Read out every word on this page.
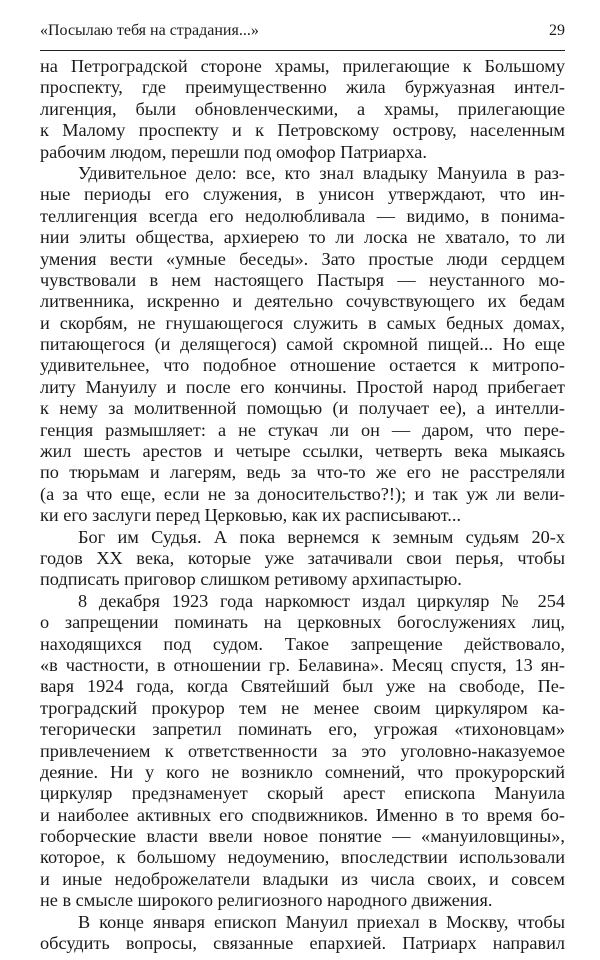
«Посылаю тебя на страдания...»	29
на Петроградской стороне храмы, прилегающие к Большому
проспекту, где преимущественно жила буржуазная интел-
лигенция, были обновленческими, а храмы, прилегающие
к Малому проспекту и к Петровскому острову, населенным
рабочим людом, перешли под омофор Патриарха.
Удивительное дело: все, кто знал владыку Мануила в раз-
ные периоды его служения, в унисон утверждают, что ин-
теллигенция всегда его недолюбливала — видимо, в понима-
нии элиты общества, архиерею то ли лоска не хватало, то ли
умения вести «умные беседы». Зато простые люди сердцем
чувствовали в нем настоящего Пастыря — неустанного мо-
литвенника, искренно и деятельно сочувствующего их бедам
и скорбям, не гнушающегося служить в самых бедных домах,
питающегося (и делящегося) самой скромной пищей... Но еще
удивительнее, что подобное отношение остается к митропо-
литу Мануилу и после его кончины. Простой народ прибегает
к нему за молитвенной помощью (и получает ее), а интелли-
генция размышляет: а не стукач ли он — даром, что пере-
жил шесть арестов и четыре ссылки, четверть века мыкаясь
по тюрьмам и лагерям, ведь за что-то же его не расстреляли
(а за что еще, если не за доносительство?!); и так уж ли вели-
ки его заслуги перед Церковью, как их расписывают...
Бог им Судья. А пока вернемся к земным судьям 20-х
годов XX века, которые уже затачивали свои перья, чтобы
подписать приговор слишком ретивому архипастырю.
8 декабря 1923 года наркомюст издал циркуляр № 254
о запрещении поминать на церковных богослужениях лиц,
находящихся под судом. Такое запрещение действовало,
«в частности, в отношении гр. Белавина». Месяц спустя, 13 ян-
варя 1924 года, когда Святейший был уже на свободе, Пе-
троградский прокурор тем не менее своим циркуляром ка-
тегорически запретил поминать его, угрожая «тихоновцам»
привлечением к ответственности за это уголовно-наказуемое
деяние. Ни у кого не возникло сомнений, что прокурорский
циркуляр предзнаменует скорый арест епископа Мануила
и наиболее активных его сподвижников. Именно в то время бо-
гоборческие власти ввели новое понятие — «мануиловщины»,
которое, к большому недоумению, впоследствии использовали
и иные недоброжелатели владыки из числа своих, и совсем
не в смысле широкого религиозного народного движения.
В конце января епископ Мануил приехал в Москву, чтобы
обсудить вопросы, связанные епархией. Патриарх направил
